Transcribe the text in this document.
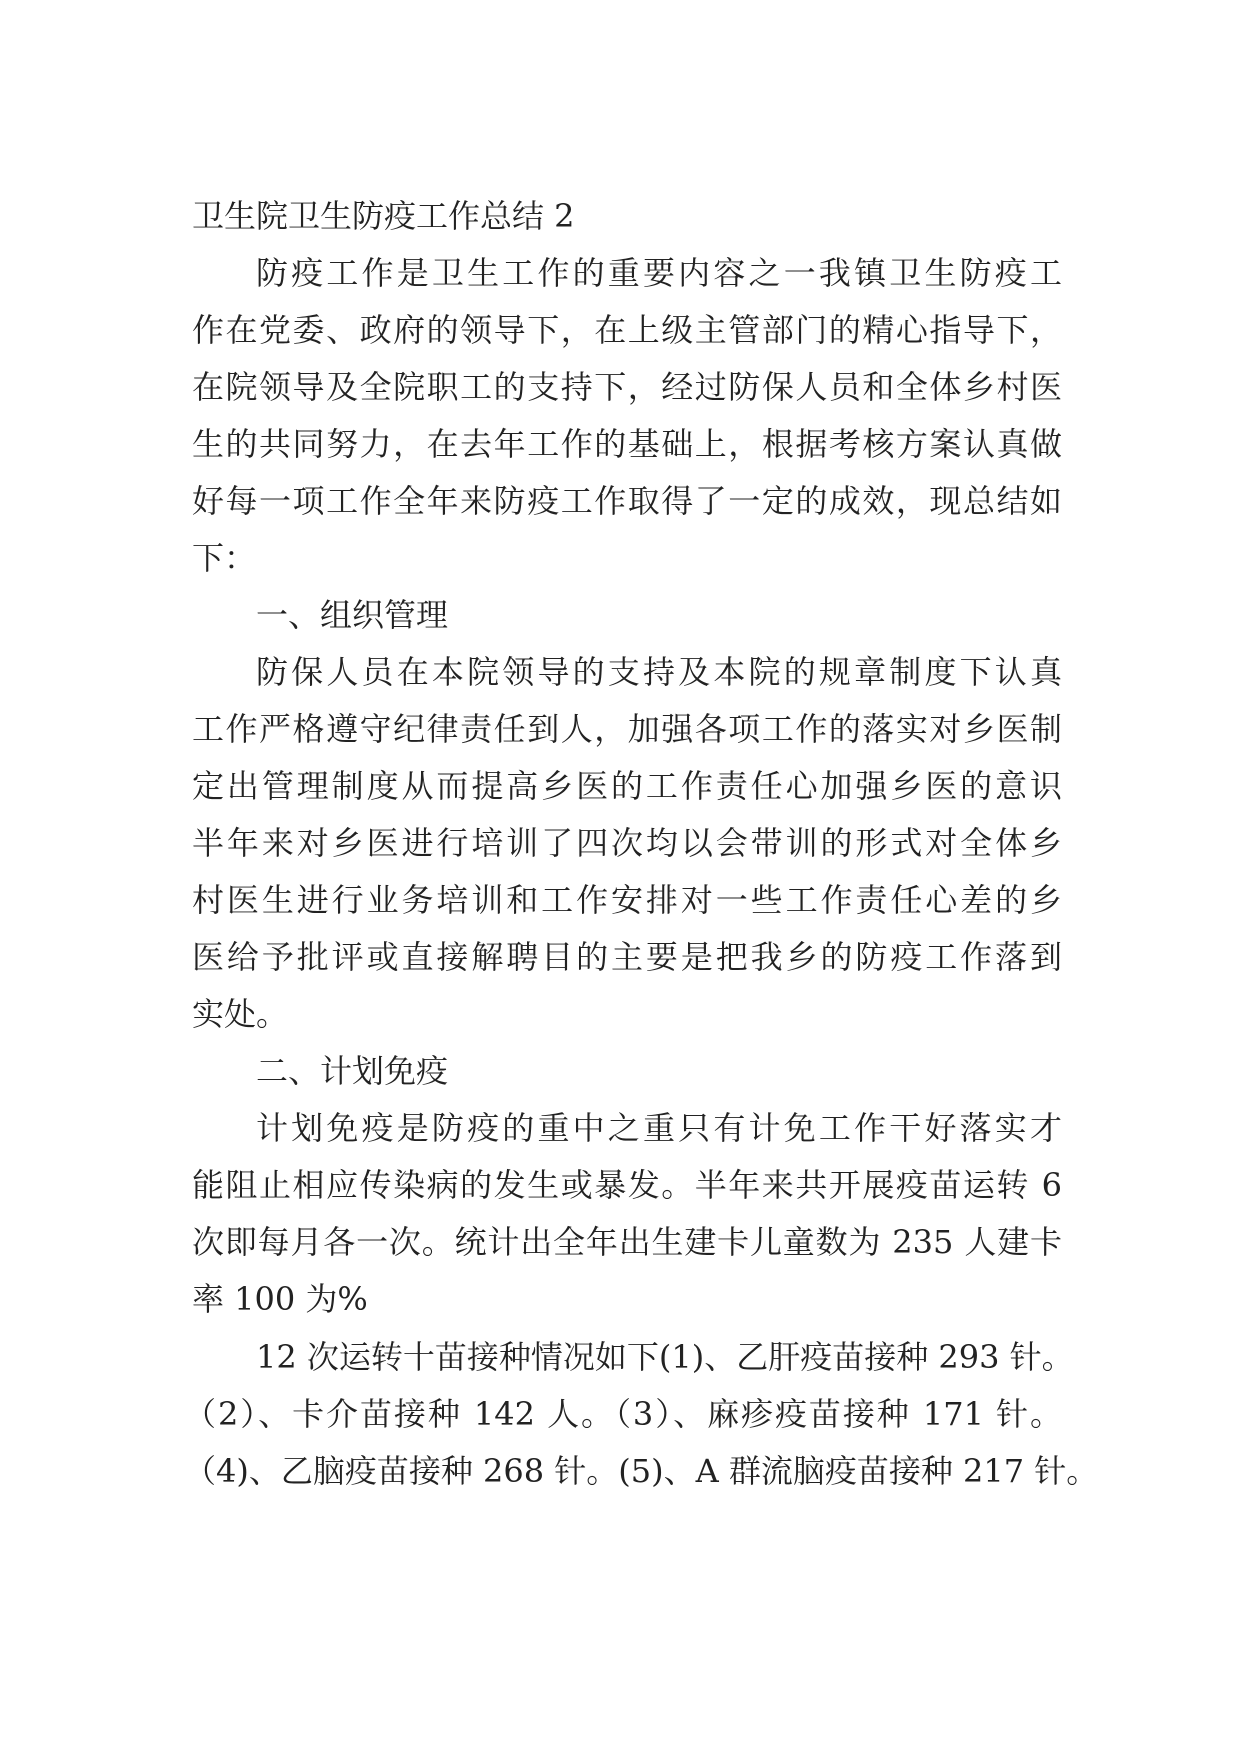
卫生院卫生防疫工作总结 2
防疫工作是卫生工作的重要内容之一我镇卫生防疫工
作在党委、政府的领导下，在上级主管部门的精心指导下，
在院领导及全院职工的支持下，经过防保人员和全体乡村医
生的共同努力，在去年工作的基础上，根据考核方案认真做
好每一项工作全年来防疫工作取得了一定的成效，现总结如
下：
一、组织管理
防保人员在本院领导的支持及本院的规章制度下认真
工作严格遵守纪律责任到人，加强各项工作的落实对乡医制
定出管理制度从而提高乡医的工作责任心加强乡医的意识
半年来对乡医进行培训了四次均以会带训的形式对全体乡
村医生进行业务培训和工作安排对一些工作责任心差的乡
医给予批评或直接解聘目的主要是把我乡的防疫工作落到
实处。
二、计划免疫
计划免疫是防疫的重中之重只有计免工作干好落实才
能阻止相应传染病的发生或暴发。半年来共开展疫苗运转 6
次即每月各一次。统计出全年出生建卡儿童数为 235 人建卡
率 100 为%
12 次运转十苗接种情况如下(1)、乙肝疫苗接种 293 针。
（2）、卡介苗接种 142 人。（3）、麻疹疫苗接种 171 针。
（4)、乙脑疫苗接种 268 针。(5)、A 群流脑疫苗接种 217 针。
